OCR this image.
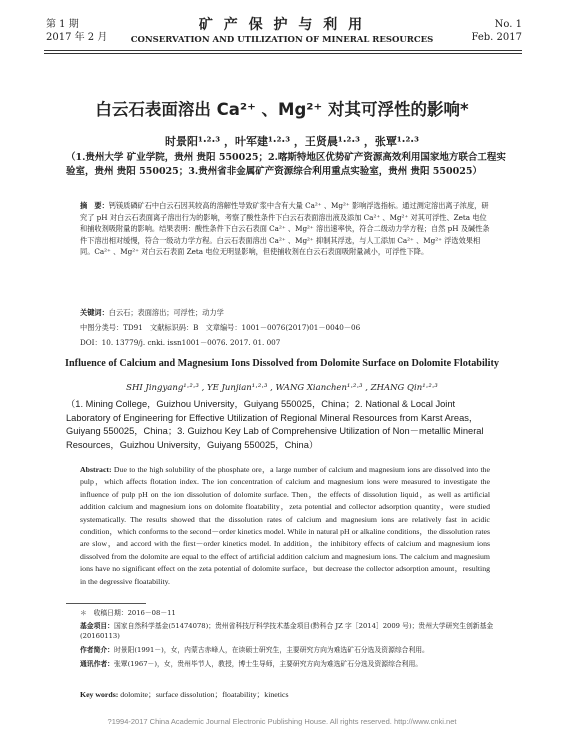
第 1 期
2017 年 2 月
矿 产 保 护 与 利 用
CONSERVATION AND UTILIZATION OF MINERAL RESOURCES
No. 1
Feb. 2017
白云石表面溶出 Ca²⁺ 、Mg²⁺ 对其可浮性的影响*
时景阳¹·²·³ ，叶军建¹·²·³ ，王贤晨¹·²·³ ，张覃¹·²·³
（1.贵州大学 矿业学院，贵州 贵阳 550025；2.喀斯特地区优势矿产资源高效利用国家地方联合工程实验室，贵州 贵阳 550025；3.贵州省非金属矿产资源综合利用重点实验室，贵州 贵阳 550025）
摘　要：钙镁质磷矿石中白云石因其较高的溶解性导致矿浆中含有大量 Ca²⁺ 、Mg²⁺ 影响浮选指标。通过测定溶出离子浓度，研究了 pH 对白云石表面离子溶出行为的影响，考察了酸性条件下白云石表面溶出液及添加 Ca²⁺ 、Mg²⁺ 对其可浮性、Zeta 电位和捕收剂吸附量的影响。结果表明：酸性条件下白云石表面 Ca²⁺ 、Mg²⁺ 溶出速率快，符合二级动力学方程；自然 pH 及碱性条件下溶出相对缓慢，符合一级动力学方程。白云石表面溶出 Ca²⁺ 、Mg²⁺ 抑制其浮选，与人工添加 Ca²⁺ 、Mg²⁺ 浮选效果相同。Ca²⁺ 、Mg²⁺ 对白云石表面 Zeta 电位无明显影响，但使捕收剂在白云石表面吸附量减小，可浮性下降。
关键词：白云石；表面溶出；可浮性；动力学
中图分类号：TD91　文献标识码：B　文章编号：1001－0076(2017)01－0040－06
DOI：10. 13779/j. cnki. issn1001－0076. 2017. 01. 007
Influence of Calcium and Magnesium Ions Dissolved from Dolomite Surface on Dolomite Flotability
SHI Jingyang¹·²·³ , YE Junjian¹·²·³ , WANG Xianchen¹·²·³ , ZHANG Qin¹·²·³
（1. Mining College，Guizhou University，Guiyang 550025，China；2. National & Local Joint Laboratory of Engineering for Effective Utilization of Regional Mineral Resources from Karst Areas，Guiyang 550025，China；3. Guizhou Key Lab of Comprehensive Utilization of Non－metallic Mineral Resources，Guizhou University，Guiyang 550025，China）
Abstract: Due to the high solubility of the phosphate ore，a large number of calcium and magnesium ions are dissolved into the pulp，which affects flotation index. The ion concentration of calcium and magnesium ions were measured to investigate the influence of pulp pH on the ion dissolution of dolomite surface. Then，the effects of dissolution liquid，as well as artificial addition calcium and magnesium ions on dolomite floatability，zeta potential and collector adsorption quantity，were studied systematically. The results showed that the dissolution rates of calcium and magnesium ions are relatively fast in acidic condition，which conforms to the second－order kinetics model. While in natural pH or alkaline conditions，the dissolution rates are slow，and accord with the first－order kinetics model. In addition，the inhibitory effects of calcium and magnesium ions dissolved from the dolomite are equal to the effect of artificial addition calcium and magnesium ions. The calcium and magnesium ions have no significant effect on the zeta potential of dolomite surface，but decrease the collector adsorption amount，resulting in the degressive floatability.
Key words: dolomite；surface dissolution；floatability；kinetics
＊　收稿日期：2016－08－11
基金项目：国家自然科学基金(51474078)；贵州省科技厅科学技术基金项目(黔科合 JZ 字［2014］2009 号)；贵州大学研究生创新基金(20160113)
作者简介：时景阳(1991－)，女，内蒙古赤峰人，在读硕士研究生，主要研究方向为难选矿石分选及资源综合利用。
通讯作者：张覃(1967－)，女，贵州毕节人，教授，博士生导师，主要研究方向为难选矿石分选及资源综合利用。
?1994-2017 China Academic Journal Electronic Publishing House. All rights reserved. http://www.cnki.net
